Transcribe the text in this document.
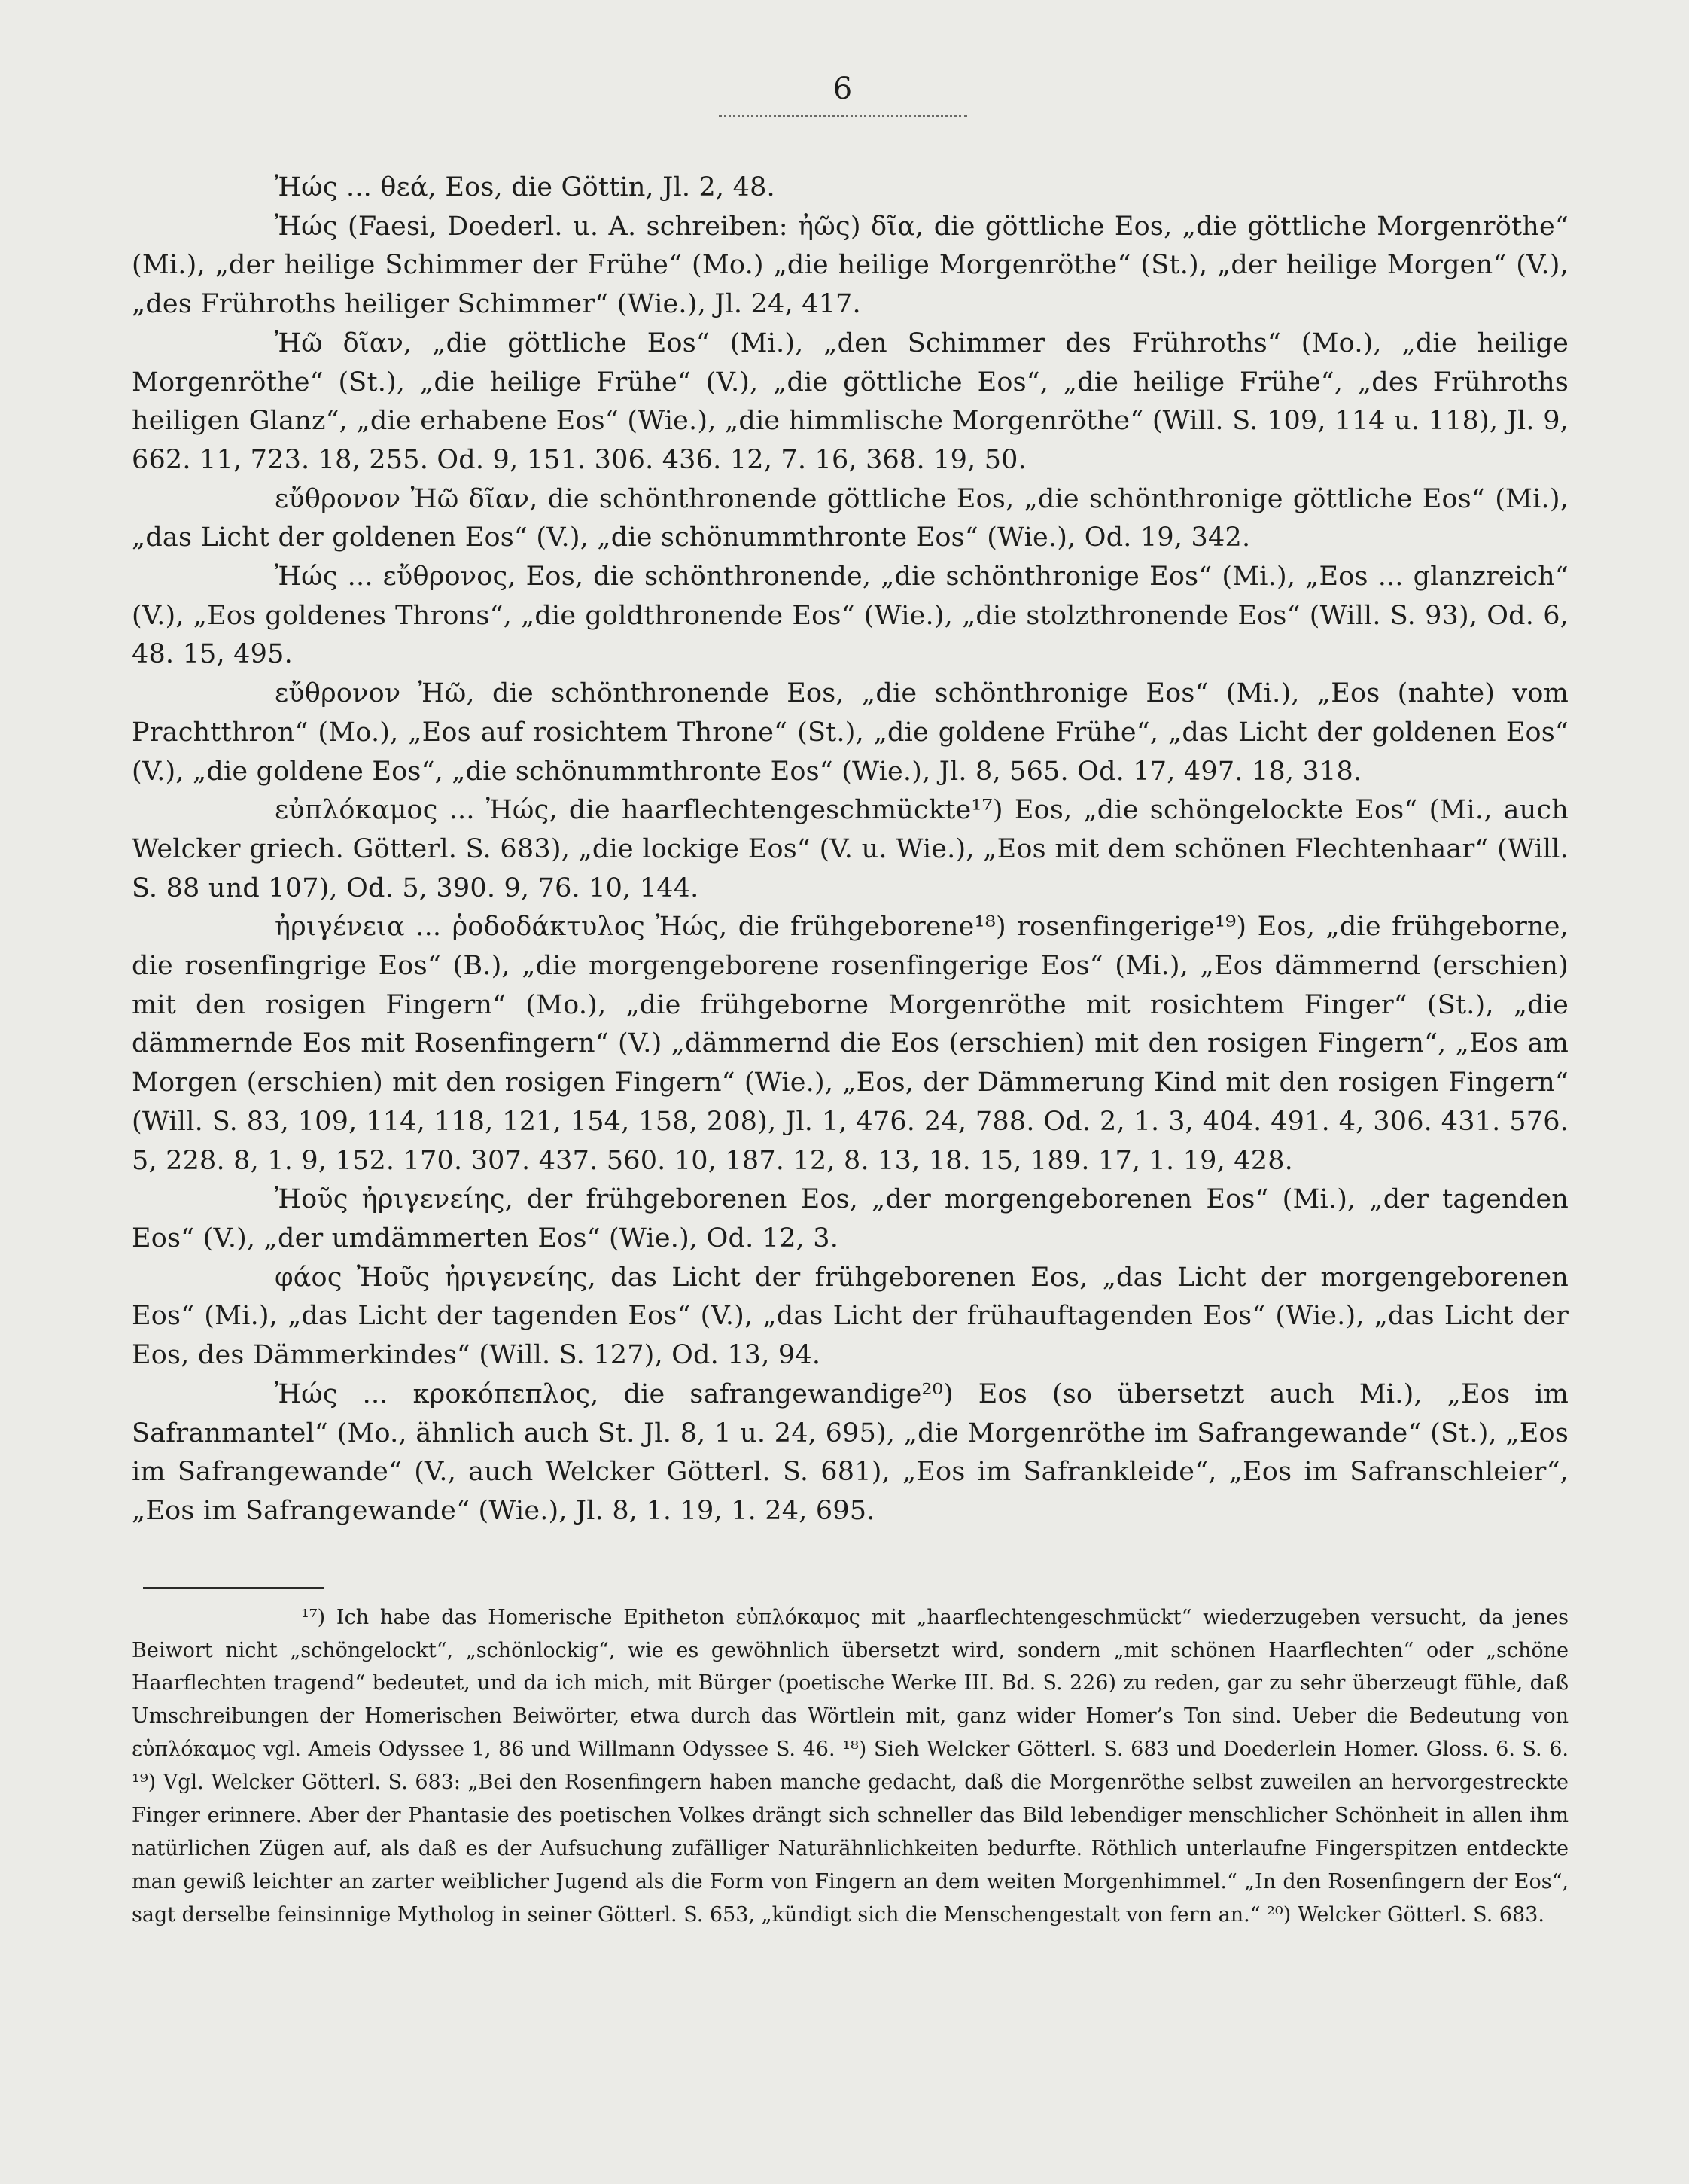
6

Ἠώς ... θεά, Eos, die Göttin, Jl. 2, 48.

Ἠώς (Faesi, Doederl. u. A. schreiben: ἠῶς) δῖα, die göttliche Eos, „die göttliche Morgenröthe“ (Mi.), „der heilige Schimmer der Frühe“ (Mo.) „die heilige Morgenröthe“ (St.), „der heilige Morgen“ (V.), „des Frühroths heiliger Schimmer“ (Wie.), Jl. 24, 417.

Ἠῶ δῖαν, „die göttliche Eos“ (Mi.), „den Schimmer des Frühroths“ (Mo.), „die heilige Morgenröthe“ (St.), „die heilige Frühe“ (V.), „die göttliche Eos“, „die heilige Frühe“, „des Frühroths heiligen Glanz“, „die erhabene Eos“ (Wie.), „die himmlische Morgenröthe“ (Will. S. 109, 114 u. 118), Jl. 9, 662. 11, 723. 18, 255. Od. 9, 151. 306. 436. 12, 7. 16, 368. 19, 50.

εὔθρονον Ἠῶ δῖαν, die schönthronende göttliche Eos, „die schönthronige göttliche Eos“ (Mi.), „das Licht der goldenen Eos“ (V.), „die schönummthronte Eos“ (Wie.), Od. 19, 342.

Ἠώς ... εὔθρονος, Eos, die schönthronende, „die schönthronige Eos“ (Mi.), „Eos ... glanzreich“ (V.), „Eos goldenes Throns“, „die goldthronende Eos“ (Wie.), „die stolzthronende Eos“ (Will. S. 93), Od. 6, 48. 15, 495.

εὔθρονον Ἠῶ, die schönthronende Eos, „die schönthronige Eos“ (Mi.), „Eos (nahte) vom Prachtthron“ (Mo.), „Eos auf rosichtem Throne“ (St.), „die goldene Frühe“, „das Licht der goldenen Eos“ (V.), „die goldene Eos“, „die schönummthronte Eos“ (Wie.), Jl. 8, 565. Od. 17, 497. 18, 318.

εὐπλόκαμος ... Ἠώς, die haarflechtengeschmückte¹⁷) Eos, „die schöngelockte Eos“ (Mi., auch Welcker griech. Götterl. S. 683), „die lockige Eos“ (V. u. Wie.), „Eos mit dem schönen Flechtenhaar“ (Will. S. 88 und 107), Od. 5, 390. 9, 76. 10, 144.

ἠριγένεια ... ῥοδοδάκτυλος Ἠώς, die frühgeborene¹⁸) rosenfingerige¹⁹) Eos, „die frühgeborne, die rosenfingrige Eos“ (B.), „die morgengeborene rosenfingerige Eos“ (Mi.), „Eos dämmernd (erschien) mit den rosigen Fingern“ (Mo.), „die frühgeborne Morgenröthe mit rosichtem Finger“ (St.), „die dämmernde Eos mit Rosenfingern“ (V.) „dämmernd die Eos (erschien) mit den rosigen Fingern“, „Eos am Morgen (erschien) mit den rosigen Fingern“ (Wie.), „Eos, der Dämmerung Kind mit den rosigen Fingern“ (Will. S. 83, 109, 114, 118, 121, 154, 158, 208), Jl. 1, 476. 24, 788. Od. 2, 1. 3, 404. 491. 4, 306. 431. 576. 5, 228. 8, 1. 9, 152. 170. 307. 437. 560. 10, 187. 12, 8. 13, 18. 15, 189. 17, 1. 19, 428.

Ἠοῦς ἠριγενείης, der frühgeborenen Eos, „der morgengeborenen Eos“ (Mi.), „der tagenden Eos“ (V.), „der umdämmerten Eos“ (Wie.), Od. 12, 3.

φάος Ἠοῦς ἠριγενείης, das Licht der frühgeborenen Eos, „das Licht der morgengeborenen Eos“ (Mi.), „das Licht der tagenden Eos“ (V.), „das Licht der frühauftagenden Eos“ (Wie.), „das Licht der Eos, des Dämmerkindes“ (Will. S. 127), Od. 13, 94.

Ἠώς ... κροκόπεπλος, die safrangewandige²⁰) Eos (so übersetzt auch Mi.), „Eos im Safranmantel“ (Mo., ähnlich auch St. Jl. 8, 1 u. 24, 695), „die Morgenröthe im Safrangewande“ (St.), „Eos im Safrangewande“ (V., auch Welcker Götterl. S. 681), „Eos im Safrankleide“, „Eos im Safranschleier“, „Eos im Safrangewande“ (Wie.), Jl. 8, 1. 19, 1. 24, 695.

¹⁷) Ich habe das Homerische Epitheton εὐπλόκαμος mit „haarflechtengeschmückt“ wiederzugeben versucht, da jenes Beiwort nicht „schöngelockt“, „schönlockig“, wie es gewöhnlich übersetzt wird, sondern „mit schönen Haarflechten“ oder „schöne Haarflechten tragend“ bedeutet, und da ich mich, mit Bürger (poetische Werke III. Bd. S. 226) zu reden, gar zu sehr überzeugt fühle, daß Umschreibungen der Homerischen Beiwörter, etwa durch das Wörtlein mit, ganz wider Homer’s Ton sind. Ueber die Bedeutung von εὐπλόκαμος vgl. Ameis Odyssee 1, 86 und Willmann Odyssee S. 46. ¹⁸) Sieh Welcker Götterl. S. 683 und Doederlein Homer. Gloss. 6. S. 6. ¹⁹) Vgl. Welcker Götterl. S. 683: „Bei den Rosenfingern haben manche gedacht, daß die Morgenröthe selbst zuweilen an hervorgestreckte Finger erinnere. Aber der Phantasie des poetischen Volkes drängt sich schneller das Bild lebendiger menschlicher Schönheit in allen ihm natürlichen Zügen auf, als daß es der Aufsuchung zufälliger Naturähnlichkeiten bedurfte. Röthlich unterlaufne Fingerspitzen entdeckte man gewiß leichter an zarter weiblicher Jugend als die Form von Fingern an dem weiten Morgenhimmel.“ „In den Rosenfingern der Eos“, sagt derselbe feinsinnige Mytholog in seiner Götterl. S. 653, „kündigt sich die Menschengestalt von fern an.“ ²⁰) Welcker Götterl. S. 683.
